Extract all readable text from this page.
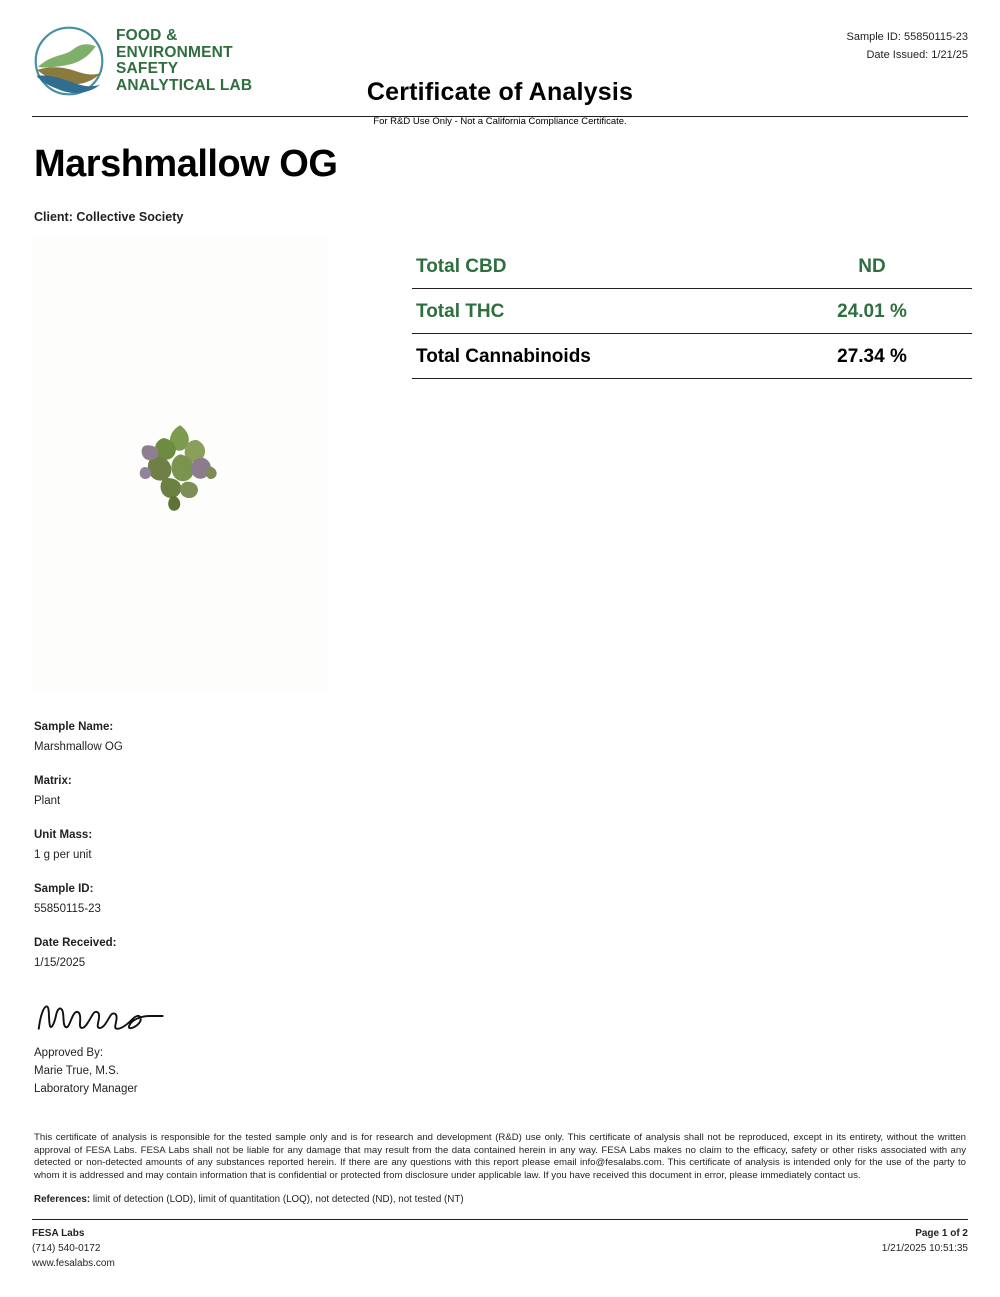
FOOD &
ENVIRONMENT
SAFETY
ANALYTICAL LAB	Certificate of Analysis
For R&D Use Only - Not a California Compliance Certificate.
Sample ID: 55850115-23
Date Issued: 1/21/25
Marshmallow OG
Client: Collective Society
Total CBD	ND
Total THC	24.01 %
Total Cannabinoids	27.34 %
Sample Name:
Marshmallow OG
Matrix:
Plant
Unit Mass:
1 g per unit
Sample ID:
55850115-23
Date Received:
1/15/2025
Approved By:
Marie True, M.S.
Laboratory Manager
This certificate of analysis is responsible for the tested sample only and is for research and development (R&D) use only. This certificate of analysis shall not be reproduced, except in its entirety, without the written approval of FESA Labs. FESA Labs shall not be liable for any damage that may result from the data contained herein in any way. FESA Labs makes no claim to the efficacy, safety or other risks associated with any detected or non-detected amounts of any substances reported herein. If there are any questions with this report please email info@fesalabs.com. This certificate of analysis is intended only for the use of the party to whom it is addressed and may contain information that is confidential or protected from disclosure under applicable law. If you have received this document in error, please immediately contact us.
References: limit of detection (LOD), limit of quantitation (LOQ), not detected (ND), not tested (NT)
FESA Labs
(714) 540-0172
www.fesalabs.com
Page 1 of 2
1/21/2025 10:51:35
